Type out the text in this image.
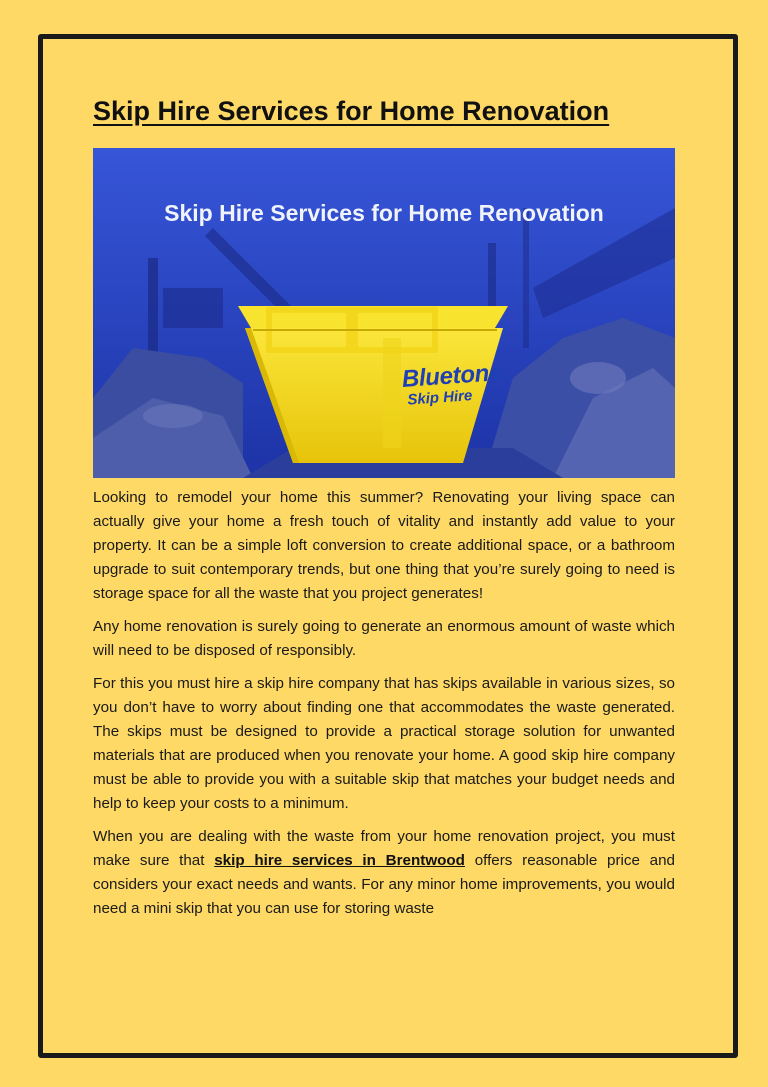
Skip Hire Services for Home Renovation
Skip Hire Services for Home Renovation
Bluetone
Skip Hire

Looking to remodel your home this summer? Renovating your living space can actually give your home a fresh touch of vitality and instantly add value to your property. It can be a simple loft conversion to create additional space, or a bathroom upgrade to suit contemporary trends, but one thing that you’re surely going to need is storage space for all the waste that you project generates!

Any home renovation is surely going to generate an enormous amount of waste which will need to be disposed of responsibly.

For this you must hire a skip hire company that has skips available in various sizes, so you don’t have to worry about finding one that accommodates the waste generated. The skips must be designed to provide a practical storage solution for unwanted materials that are produced when you renovate your home. A good skip hire company must be able to provide you with a suitable skip that matches your budget needs and help to keep your costs to a minimum.

When you are dealing with the waste from your home renovation project, you must make sure that skip hire services in Brentwood offers reasonable price and considers your exact needs and wants. For any minor home improvements, you would need a mini skip that you can use for storing waste
